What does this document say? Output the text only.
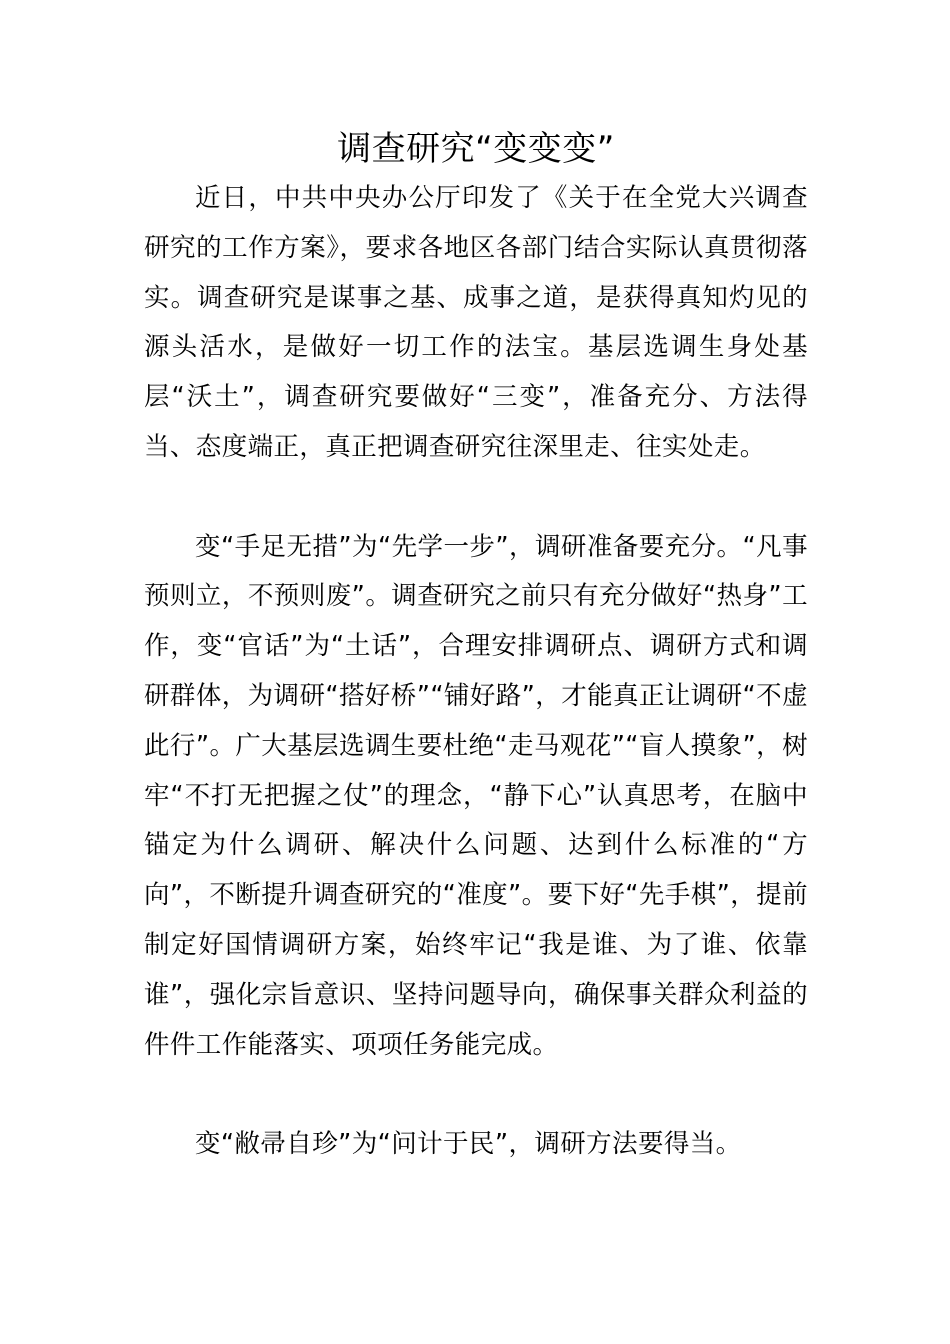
调查研究“变变变”

近日，中共中央办公厅印发了《关于在全党大兴调查研究的工作方案》，要求各地区各部门结合实际认真贯彻落实。调查研究是谋事之基、成事之道，是获得真知灼见的源头活水，是做好一切工作的法宝。基层选调生身处基层“沃土”，调查研究要做好“三变”，准备充分、方法得当、态度端正，真正把调查研究往深里走、往实处走。

变“手足无措”为“先学一步”，调研准备要充分。“凡事预则立，不预则废”。调查研究之前只有充分做好“热身”工作，变“官话”为“土话”，合理安排调研点、调研方式和调研群体，为调研“搭好桥”“铺好路”，才能真正让调研“不虚此行”。广大基层选调生要杜绝“走马观花”“盲人摸象”，树牢“不打无把握之仗”的理念，“静下心”认真思考，在脑中锚定为什么调研、解决什么问题、达到什么标准的“方向”，不断提升调查研究的“准度”。要下好“先手棋”，提前制定好国情调研方案，始终牢记“我是谁、为了谁、依靠谁”，强化宗旨意识、坚持问题导向，确保事关群众利益的件件工作能落实、项项任务能完成。

变“敝帚自珍”为“问计于民”，调研方法要得当。
